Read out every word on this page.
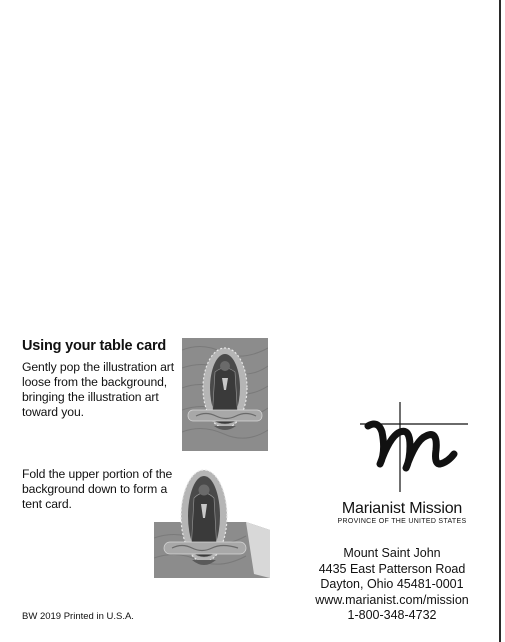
Using your table card
Gently pop the illustration art
loose from the background,
bringing the illustration art
toward you.
Fold the upper portion of the
background down to form a
tent card.	Marianist Mission
PROVINCE OF THE UNITED STATES
Mount Saint John
4435 East Patterson Road
Dayton, Ohio 45481-0001
www.marianist.com/mission
1-800-348-4732
BW 2019 Printed in U.S.A.
